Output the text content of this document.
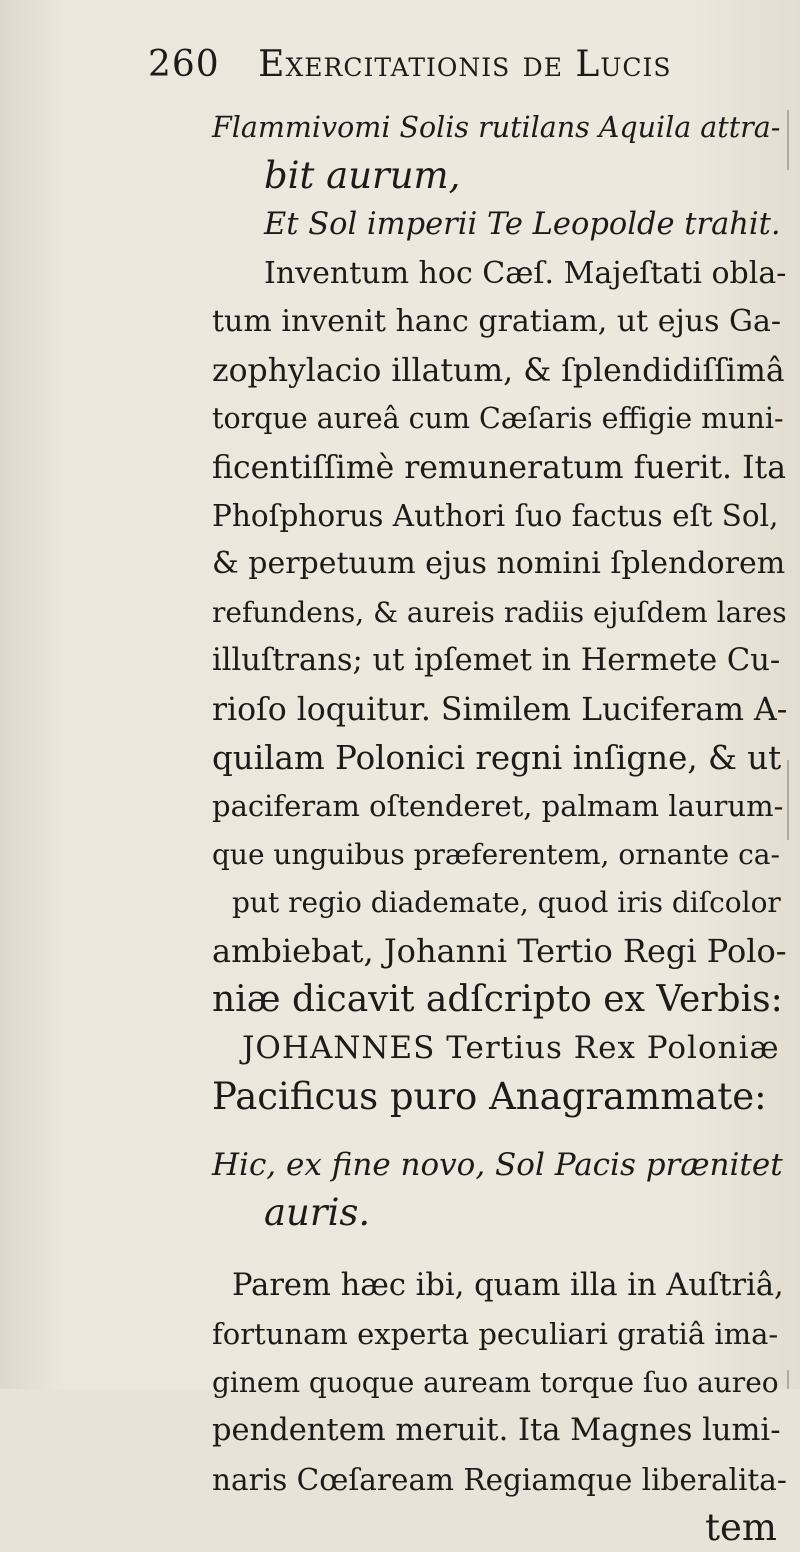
260 Exercitationis de Lucis
Flammivomi Solis rutilans Aquila attra-
bit aurum,
Et Sol imperii Te Leopolde trahit.
Inventum hoc Cæſ. Majeſtati obla-
tum invenit hanc gratiam, ut ejus Ga-
zophylacio illatum, & ſplendidiſſimâ
torque aureâ cum Cæſaris effigie muni-
ficentiſſimè remuneratum fuerit. Ita
Phoſphorus Authori ſuo factus eſt Sol,
& perpetuum ejus nomini ſplendorem
refundens, & aureis radiis ejuſdem lares
illuſtrans; ut ipſemet in Hermete Cu-
rioſo loquitur. Similem Luciferam A-
quilam Polonici regni inſigne, & ut
paciferam oſtenderet, palmam laurum-
que unguibus præferentem, ornante ca-
put regio diademate, quod iris diſcolor
ambiebat, Johanni Tertio Regi Polo-
niæ dicavit adſcripto ex Verbis:
JOHANNES Tertius Rex Poloniæ
Pacificus puro Anagrammate:
Hic, ex fine novo, Sol Pacis prænitet
auris.
Parem hæc ibi, quam illa in Auſtriâ,
fortunam experta peculiari gratiâ ima-
ginem quoque auream torque ſuo aureo
pendentem meruit. Ita Magnes lumi-
naris Cœſaream Regiamque liberalita-
tem
